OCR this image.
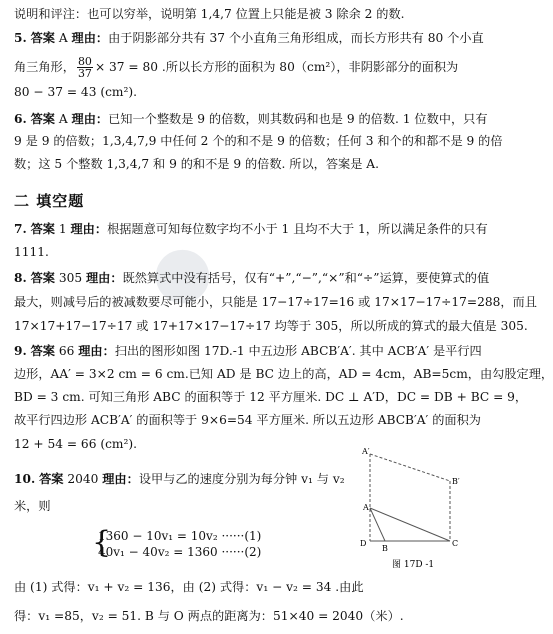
●
说明和评注：也可以穷举，说明第 1,4,7 位置上只能是被 3 除余 2 的数.
5. 答案 A 理由：由于阴影部分共有 37 个小直角三角形组成，而长方形共有 80 个小直
角三角形， $\frac{80}{37} \times 37 = 80$ .所以长方形的面积为 80（cm²），非阴影部分的面积为
80 − 37 = 43 (cm²).
6. 答案 A 理由：已知一个整数是 9 的倍数，则其数码和也是 9 的倍数. 1 位数中，只有
9 是 9 的倍数；1,3,4,7,9 中任何 2 个的和不是 9 的倍数；任何 3 和个的和都不是 9 的倍
数；这 5 个整数 1,3,4,7 和 9 的和不是 9 的倍数. 所以，答案是 A.
二 填空题
7. 答案 1 理由：根据题意可知每位数字均不小于 1 且均不大于 1，所以满足条件的只有
1111.
8. 答案 305 理由：既然算式中没有括号，仅有“+”,“−”,“×”和“÷”运算，要使算式的值
最大，则减号后的被减数要尽可能小，只能是 17−17÷17=16 或 17×17−17÷17=288，而且
17×17+17−17÷17 或 17+17×17−17÷17 均等于 305，所以所成的算式的最大值是 305.
9. 答案 66 理由：扫出的图形如图 17D.-1 中五边形 ABCB′A′. 其中 ACB′A′ 是平行四
边形，AA′ = 3×2 cm = 6 cm.已知 AD 是 BC 边上的高，AD = 4cm，AB=5cm，由勾股定理，
BD = 3 cm. 可知三角形 ABC 的面积等于 12 平方厘米. DC ⊥ A′D，DC = DB + BC = 9，
故平行四边形 ACB′A′ 的面积等于 9×6=54 平方厘米. 所以五边形 ABCB′A′ 的面积为
12 + 54 = 66 (cm²).
10. 答案 2040 理由：设甲与乙的速度分别为每分钟 v₁ 与 v₂
米，则
{
1360 − 10v₁ = 10v₂ ······(1)
40v₁ − 40v₂ = 1360 ······(2)
由 (1) 式得：v₁ + v₂ = 136，由 (2) 式得：v₁ − v₂ = 34 .由此
得：v₁ =85，v₂ = 51. B 与 O 两点的距离为：51×40 = 2040（米）.
A′
B′
A
D
B
C
图 17D -1
